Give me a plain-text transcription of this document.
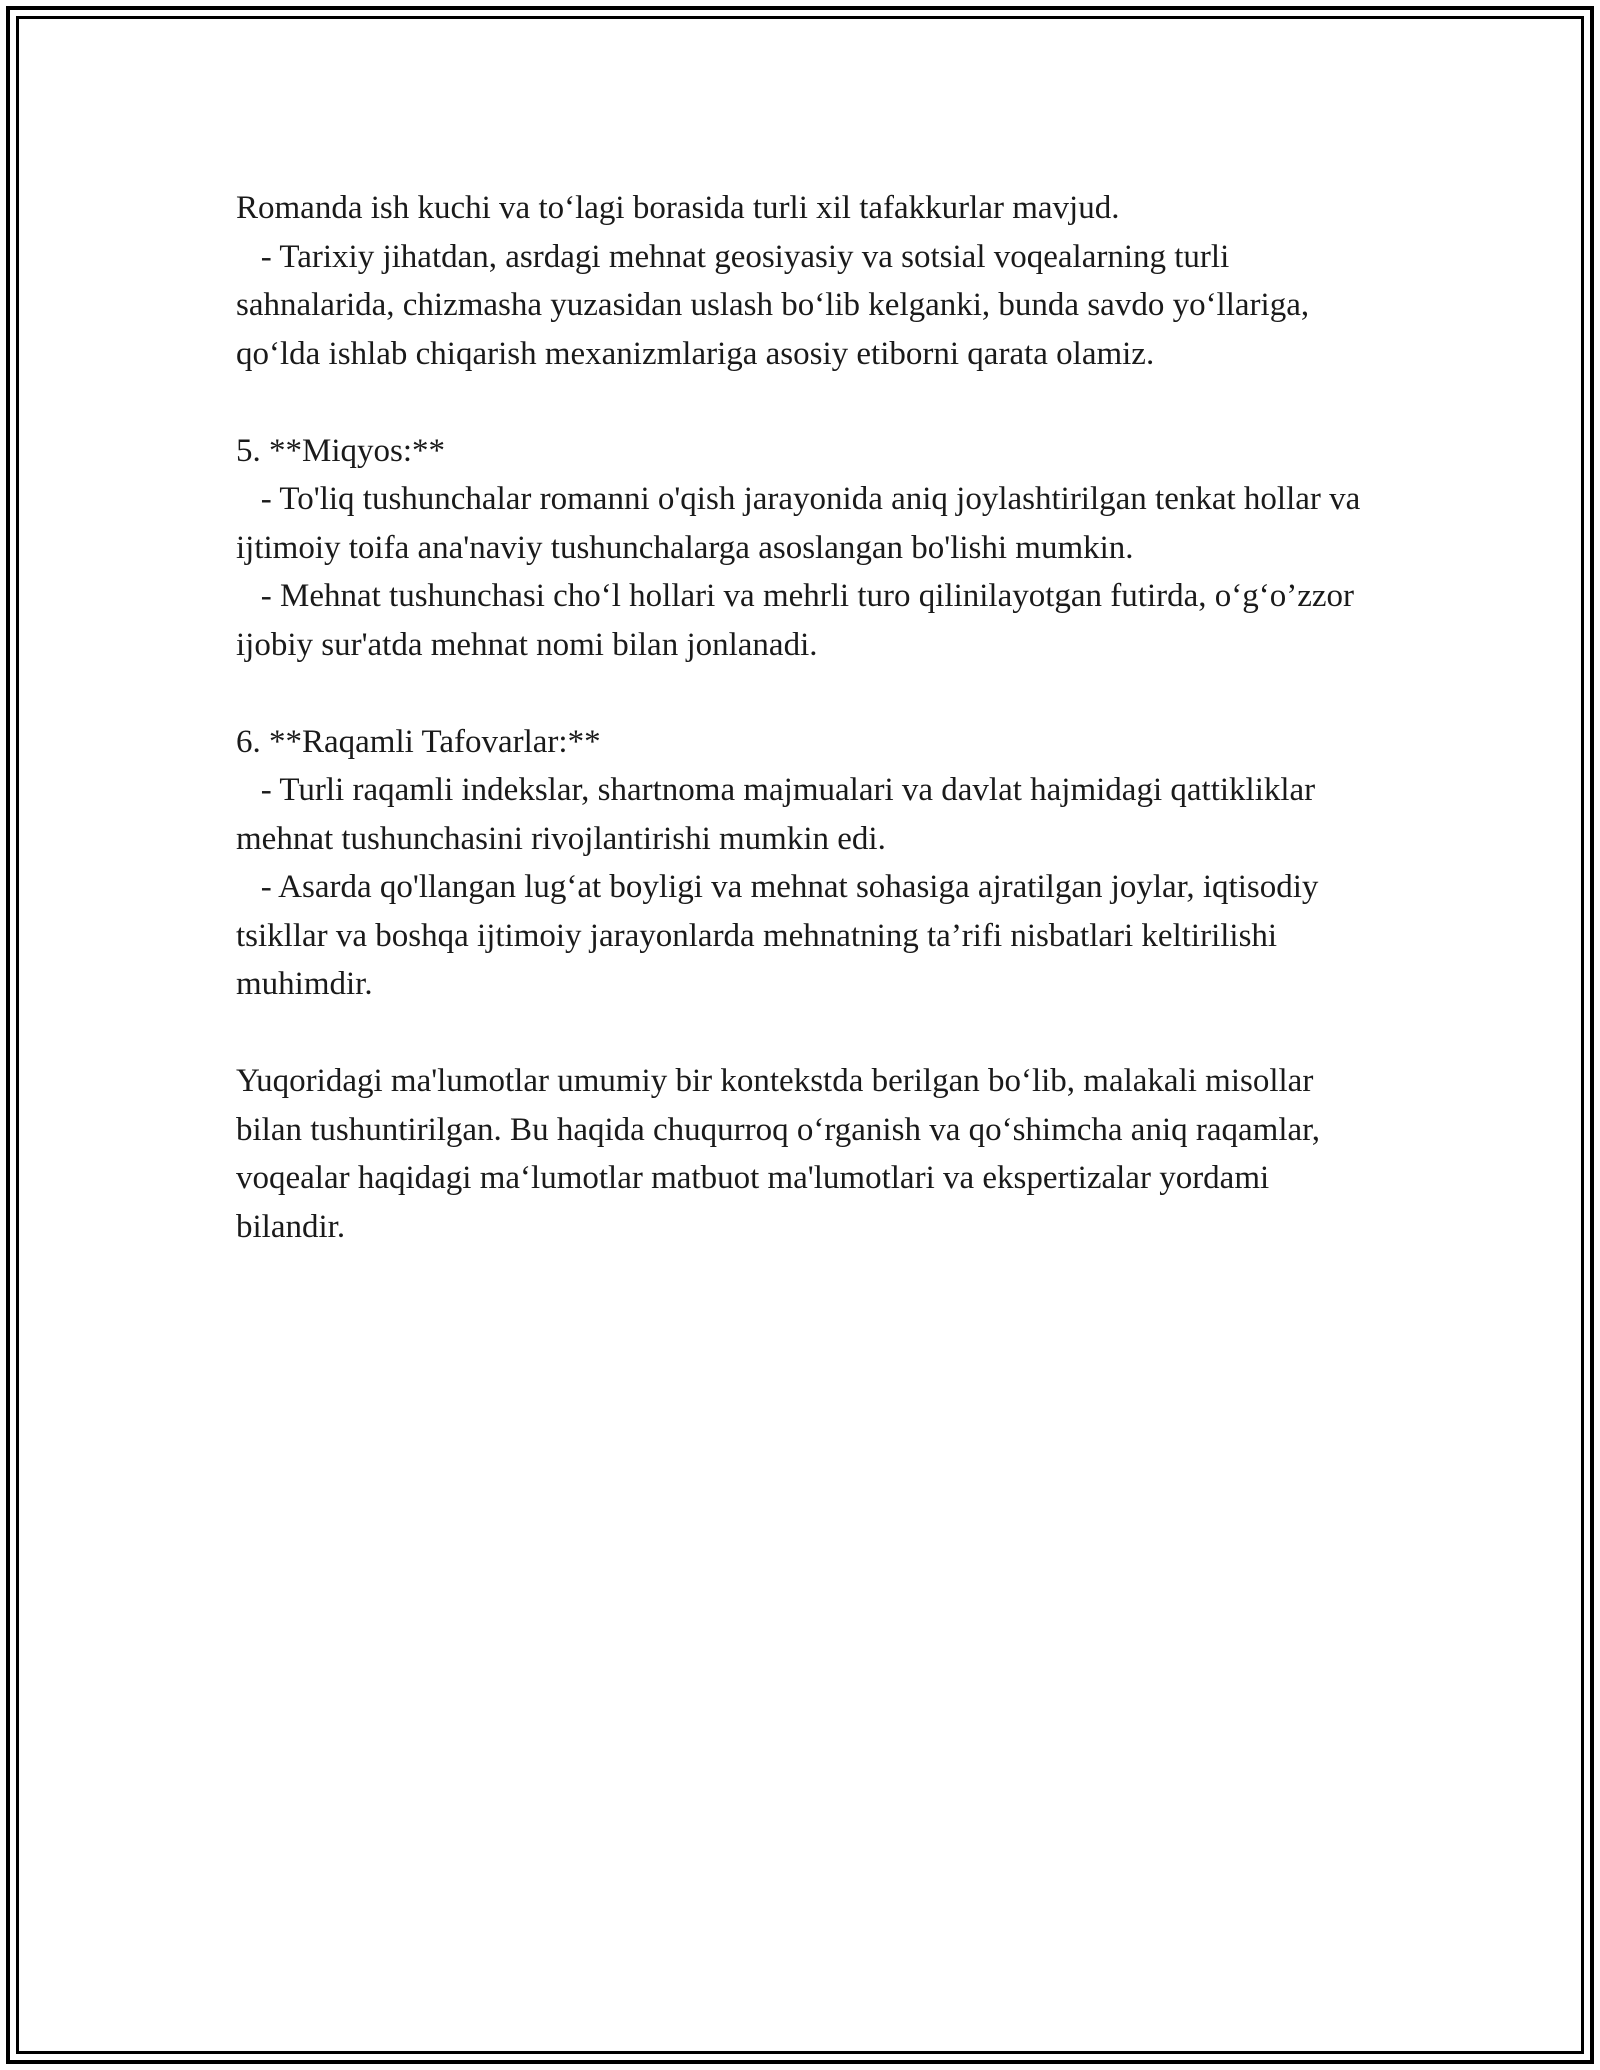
Romanda ish kuchi va to‘lagi borasida turli xil tafakkurlar mavjud.

- Tarixiy jihatdan, asrdagi mehnat geosiyasiy va sotsial voqealarning turli sahnalarida, chizmasha yuzasidan uslash bo‘lib kelganki, bunda savdo yo‘llariga, qo‘lda ishlab chiqarish mexanizmlariga asosiy etiborni qarata olamiz.

5. **Miqyos:**

- To'liq tushunchalar romanni o'qish jarayonida aniq joylashtirilgan tenkat hollar va ijtimoiy toifa ana'naviy tushunchalarga asoslangan bo'lishi mumkin.

- Mehnat tushunchasi cho‘l hollari va mehrli turo qilinilayotgan futirda, o‘g‘o’zzor ijobiy sur'atda mehnat nomi bilan jonlanadi.

6. **Raqamli Tafovarlar:**

- Turli raqamli indekslar, shartnoma majmualari va davlat hajmidagi qattikliklar mehnat tushunchasini rivojlantirishi mumkin edi.

- Asarda qo'llangan lug‘at boyligi va mehnat sohasiga ajratilgan joylar, iqtisodiy tsikllar va boshqa ijtimoiy jarayonlarda mehnatning ta’rifi nisbatlari keltirilishi muhimdir.

Yuqoridagi ma'lumotlar umumiy bir kontekstda berilgan bo‘lib, malakali misollar bilan tushuntirilgan. Bu haqida chuqurroq o‘rganish va qo‘shimcha aniq raqamlar, voqealar haqidagi ma‘lumotlar matbuot ma'lumotlari va ekspertizalar yordami bilandir.
